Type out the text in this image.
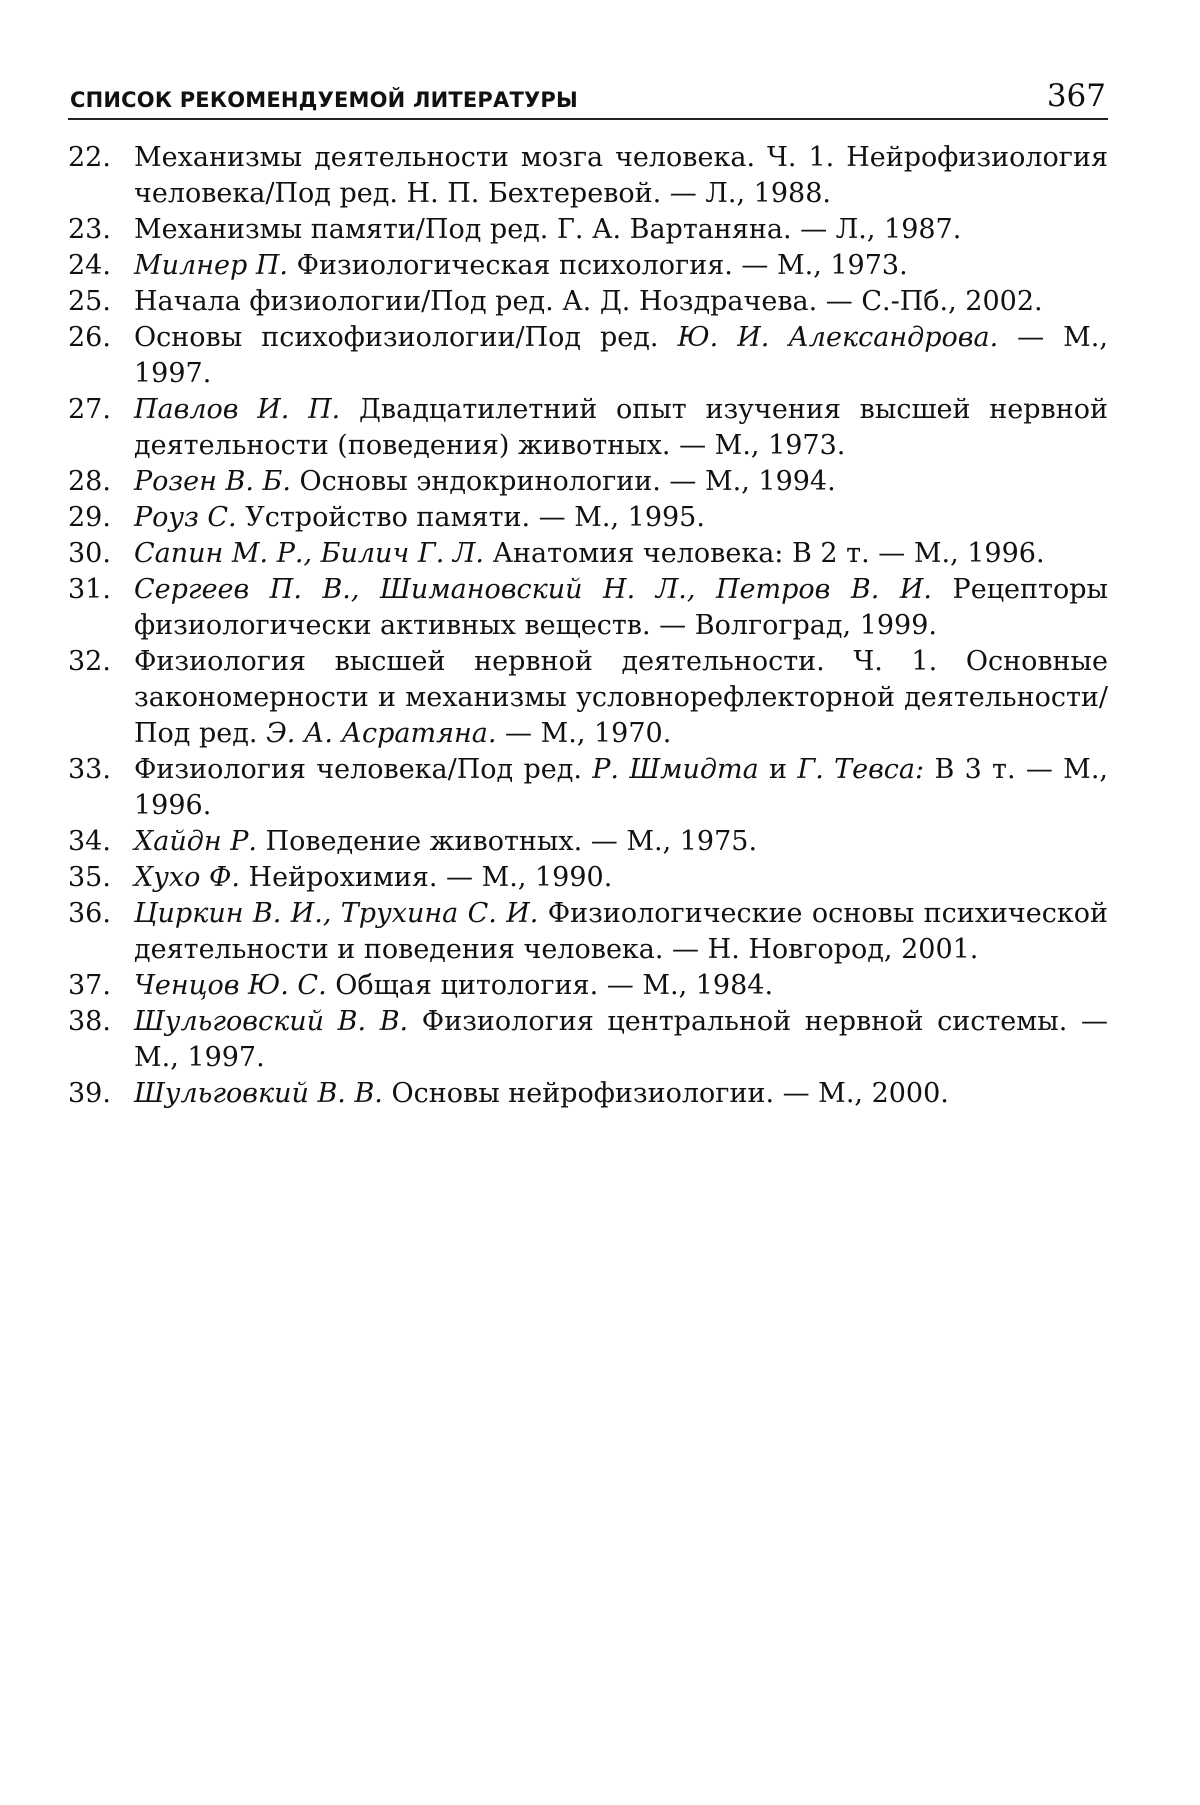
СПИСОК РЕКОМЕНДУЕМОЙ ЛИТЕРАТУРЫ	367
22. Механизмы деятельности мозга человека. Ч. 1. Нейрофизиология человека/Под ред. Н. П. Бехтеревой. — Л., 1988.
23. Механизмы памяти/Под ред. Г. А. Вартаняна. — Л., 1987.
24. Милнер П. Физиологическая психология. — М., 1973.
25. Начала физиологии/Под ред. А. Д. Ноздрачева. — С.-Пб., 2002.
26. Основы психофизиологии/Под ред. Ю. И. Александрова. — М., 1997.
27. Павлов И. П. Двадцатилетний опыт изучения высшей нервной деятельности (поведения) животных. — М., 1973.
28. Розен В. Б. Основы эндокринологии. — М., 1994.
29. Роуз С. Устройство памяти. — М., 1995.
30. Сапин М. Р., Билич Г. Л. Анатомия человека: В 2 т. — М., 1996.
31. Сергеев П. В., Шимановский Н. Л., Петров В. И. Рецепторы физиологически активных веществ. — Волгоград, 1999.
32. Физиология высшей нервной деятельности. Ч. 1. Основные закономерности и механизмы условнорефлекторной деятельности/Под ред. Э. А. Асратяна. — М., 1970.
33. Физиология человека/Под ред. Р. Шмидта и Г. Тевса: В 3 т. — М., 1996.
34. Хайдн Р. Поведение животных. — М., 1975.
35. Хухо Ф. Нейрохимия. — М., 1990.
36. Циркин В. И., Трухина С. И. Физиологические основы психической деятельности и поведения человека. — Н. Новгород, 2001.
37. Ченцов Ю. С. Общая цитология. — М., 1984.
38. Шульговский В. В. Физиология центральной нервной системы. — М., 1997.
39. Шульговкий В. В. Основы нейрофизиологии. — М., 2000.
